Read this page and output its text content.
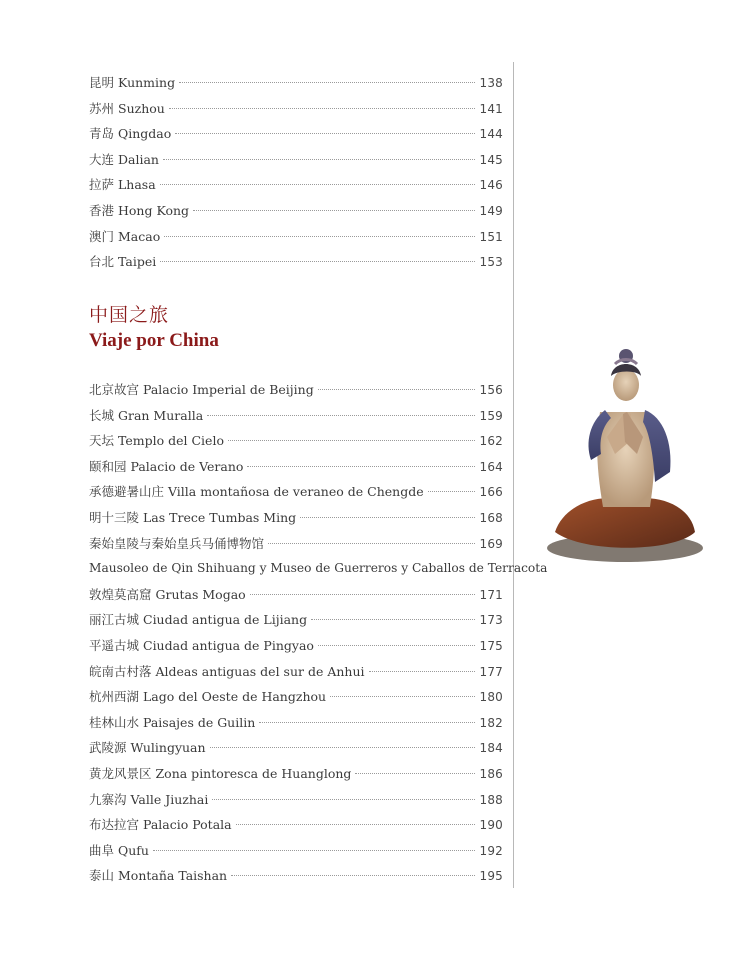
昆明 Kunming	138
苏州 Suzhou	141
青岛 Qingdao	144
大连 Dalian	145
拉萨 Lhasa	146
香港 Hong Kong	149
澳门 Macao	151
台北 Taipei	153
中国之旅
Viaje por China
北京故宫 Palacio Imperial de Beijing	156
长城 Gran Muralla	159
天坛 Templo del Cielo	162
颐和园 Palacio de Verano	164
承德避暑山庄 Villa montañosa de veraneo de Chengde	166
明十三陵 Las Trece Tumbas Ming	168
秦始皇陵与秦始皇兵马俑博物馆	169
Mausoleo de Qin Shihuang y Museo de Guerreros y Caballos de Terracota
敦煌莫高窟 Grutas Mogao	171
丽江古城 Ciudad antigua de Lijiang	173
平遥古城 Ciudad antigua de Pingyao	175
皖南古村落 Aldeas antiguas del sur de Anhui	177
杭州西湖 Lago del Oeste de Hangzhou	180
桂林山水 Paisajes de Guilin	182
武陵源 Wulingyuan	184
黄龙风景区 Zona pintoresca de Huanglong	186
九寨沟 Valle Jiuzhai	188
布达拉宫 Palacio Potala	190
曲阜 Qufu	192
泰山 Montaña Taishan	195
